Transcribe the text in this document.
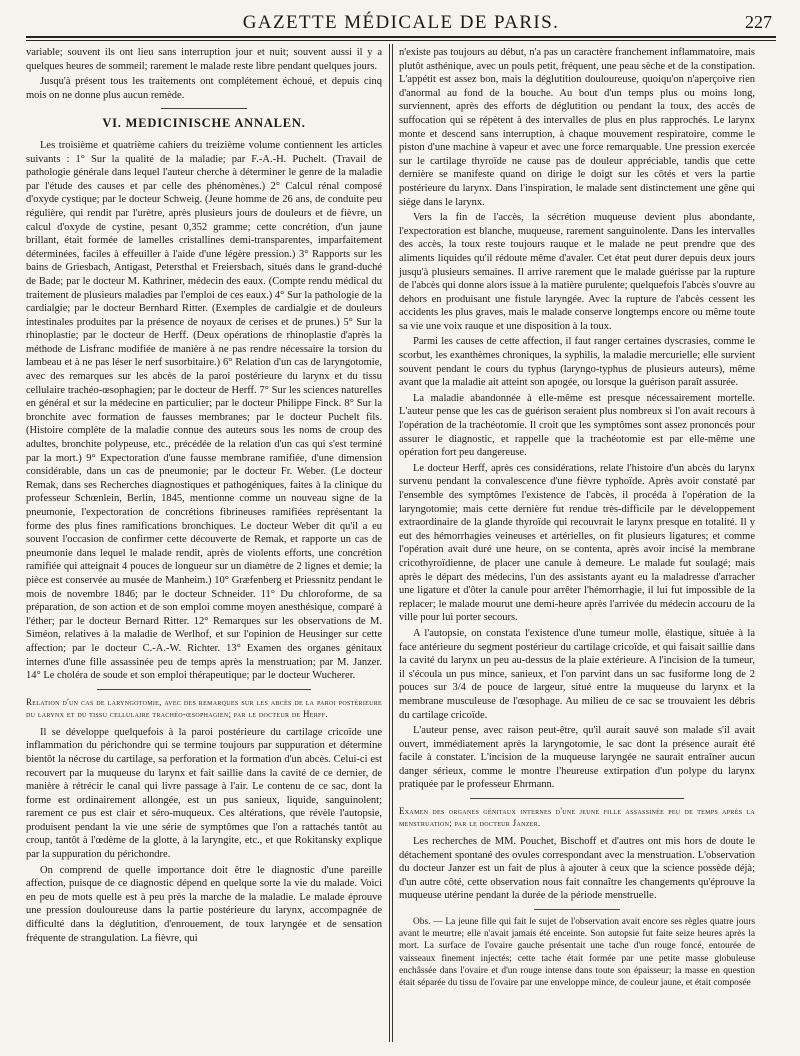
GAZETTE MÉDICALE DE PARIS.	227

variable; souvent ils ont lieu sans interruption jour et nuit; souvent aussi il y a quelques heures de sommeil; rarement le malade reste libre pendant quelques jours.

Jusqu'à présent tous les traitements ont complétement échoué, et depuis cinq mois on ne donne plus aucun remède.

VI. MEDICINISCHE ANNALEN.

Les troisième et quatrième cahiers du treizième volume contiennent les articles suivants : 1° Sur la qualité de la maladie; par F.-A.-H. Puchelt. (Travail de pathologie générale dans lequel l'auteur cherche à déterminer le genre de la maladie par l'étude des causes et par celle des phénomènes.) 2° Calcul rénal composé d'oxyde cystique; par le docteur Schweig. (Jeune homme de 26 ans, de conduite peu régulière, qui rendit par l'urètre, après plusieurs jours de douleurs et de fièvre, un calcul d'oxyde de cystine, pesant 0,352 gramme; cette concrétion, d'un jaune brillant, était formée de lamelles cristallines demi-transparentes, imparfaitement déterminées, faciles à effeuiller à l'aide d'une légère pression.) 3° Rapports sur les bains de Griesbach, Antigast, Petersthal et Freiersbach, situés dans le grand-duché de Bade; par le docteur M. Kathriner, médecin des eaux. (Compte rendu médical du traitement de plusieurs maladies par l'emploi de ces eaux.) 4° Sur la pathologie de la cardialgie; par le docteur Bernhard Ritter. (Exemples de cardialgie et de douleurs intestinales produites par la présence de noyaux de cerises et de prunes.) 5° Sur la rhinoplastie; par le docteur de Herff. (Deux opérations de rhinoplastie d'après la méthode de Lisfranc modifiée de manière à ne pas rendre nécessaire la torsion du lambeau et à ne pas léser le nerf susorbitaire.) 6° Relation d'un cas de laryngotomie, avec des remarques sur les abcès de la paroi postérieure du larynx et du tissu cellulaire trachéo-œsophagien; par le docteur de Herff. 7° Sur les sciences naturelles en général et sur la médecine en particulier; par le docteur Philippe Finck. 8° Sur la bronchite avec formation de fausses membranes; par le docteur Puchelt fils. (Histoire complète de la maladie connue des auteurs sous les noms de croup des adultes, bronchite polypeuse, etc., précédée de la relation d'un cas qui s'est terminé par la mort.) 9° Expectoration d'une fausse membrane ramifiée, d'une dimension considérable, dans un cas de pneumonie; par le docteur Fr. Weber. (Le docteur Remak, dans ses Recherches diagnostiques et pathogéniques, faites à la clinique du professeur Schœnlein, Berlin, 1845, mentionne comme un nouveau signe de la pneumonie, l'expectoration de concrétions fibrineuses ramifiées représentant la forme des plus fines ramifications bronchiques. Le docteur Weber dit qu'il a eu souvent l'occasion de confirmer cette découverte de Remak, et rapporte un cas de pneumonie dans lequel le malade rendit, après de violents efforts, une concrétion ramifiée qui atteignait 4 pouces de longueur sur un diamètre de 2 lignes et demie; la pièce est conservée au musée de Manheim.) 10° Græfenberg et Priessnitz pendant le mois de novembre 1846; par le docteur Schneider. 11° Du chloroforme, de sa préparation, de son action et de son emploi comme moyen anesthésique, comparé à l'éther; par le docteur Bernard Ritter. 12° Remarques sur les observations de M. Siméon, relatives à la maladie de Werlhof, et sur l'opinion de Heusinger sur cette affection; par le docteur C.-A.-W. Richter. 13° Examen des organes génitaux internes d'une fille assassinée peu de temps après la menstruation; par M. Janzer. 14° Le choléra de soude et son emploi thérapeutique; par le docteur Wucherer.

Relation d'un cas de laryngotomie, avec des remarques sur les abcès de la paroi postérieure du larynx et du tissu cellulaire trachéo-œsophagien; par le docteur de Herff.

Il se développe quelquefois à la paroi postérieure du cartilage cricoïde une inflammation du périchondre qui se termine toujours par suppuration et détermine bientôt la nécrose du cartilage, sa perforation et la formation d'un abcès. Celui-ci est recouvert par la muqueuse du larynx et fait saillie dans la cavité de ce dernier, de manière à rétrécir le canal qui livre passage à l'air. Le contenu de ce sac, dont la forme est ordinairement allongée, est un pus sanieux, liquide, sanguinolent; rarement ce pus est clair et séro-muqueux. Ces altérations, que révèle l'autopsie, produisent pendant la vie une série de symptômes que l'on a rattachés tantôt au croup, tantôt à l'œdème de la glotte, à la laryngite, etc., et que Rokitansky explique par la suppuration du périchondre.

On comprend de quelle importance doit être le diagnostic d'une pareille affection, puisque de ce diagnostic dépend en quelque sorte la vie du malade. Voici en peu de mots quelle est à peu près la marche de la maladie. Le malade éprouve une pression douloureuse dans la partie postérieure du larynx, accompagnée de difficulté dans la déglutition, d'enrouement, de toux laryngée et de sensation fréquente de strangulation. La fièvre, qui

n'existe pas toujours au début, n'a pas un caractère franchement inflammatoire, mais plutôt asthénique, avec un pouls petit, fréquent, une peau sèche et de la constipation. L'appétit est assez bon, mais la déglutition douloureuse, quoiqu'on n'aperçoive rien d'anormal au fond de la bouche. Au bout d'un temps plus ou moins long, surviennent, après des efforts de déglutition ou pendant la toux, des accès de suffocation qui se répètent à des intervalles de plus en plus rapprochés. Le larynx monte et descend sans interruption, à chaque mouvement respiratoire, comme le piston d'une machine à vapeur et avec une force remarquable. Une pression exercée sur le cartilage thyroïde ne cause pas de douleur appréciable, tandis que cette dernière se manifeste quand on dirige le doigt sur les côtés et vers la partie postérieure du larynx. Dans l'inspiration, le malade sent distinctement une gêne qui siége dans le larynx.

Vers la fin de l'accès, la sécrétion muqueuse devient plus abondante, l'expectoration est blanche, muqueuse, rarement sanguinolente. Dans les intervalles des accès, la toux reste toujours rauque et le malade ne peut prendre que des aliments liquides qu'il rédoute même d'avaler. Cet état peut durer depuis deux jours jusqu'à plusieurs semaines. Il arrive rarement que le malade guérisse par la rupture de l'abcès qui donne alors issue à la matière purulente; quelquefois l'abcès s'ouvre au dehors en produisant une fistule laryngée. Avec la rupture de l'abcès cessent les accidents les plus graves, mais le malade conserve longtemps encore ou même toute sa vie une voix rauque et une disposition à la toux.

Parmi les causes de cette affection, il faut ranger certaines dyscrasies, comme le scorbut, les exanthèmes chroniques, la syphilis, la maladie mercurielle; elle survient souvent pendant le cours du typhus (laryngo-typhus de plusieurs auteurs), même avant que la maladie ait atteint son apogée, ou lorsque la guérison paraît assurée.

La maladie abandonnée à elle-même est presque nécessairement mortelle. L'auteur pense que les cas de guérison seraient plus nombreux si l'on avait recours à l'opération de la trachéotomie. Il croit que les symptômes sont assez prononcés pour assurer le diagnostic, et rappelle que la trachéotomie est par elle-même une opération fort peu dangereuse.

Le docteur Herff, après ces considérations, relate l'histoire d'un abcès du larynx survenu pendant la convalescence d'une fièvre typhoïde. Après avoir constaté par l'ensemble des symptômes l'existence de l'abcès, il procéda à l'opération de la laryngotomie; mais cette dernière fut rendue très-difficile par le développement extraordinaire de la glande thyroïde qui recouvrait le larynx presque en totalité. Il y eut des hémorrhagies veineuses et artérielles, on fit plusieurs ligatures; et comme l'opération avait duré une heure, on se contenta, après avoir incisé la membrane cricothyroïdienne, de placer une canule à demeure. Le malade fut soulagé; mais après le départ des médecins, l'un des assistants ayant eu la maladresse d'arracher une ligature et d'ôter la canule pour arrêter l'hémorrhagie, il lui fut impossible de la replacer; le malade mourut une demi-heure après l'arrivée du médecin accouru de la ville pour lui porter secours.

A l'autopsie, on constata l'existence d'une tumeur molle, élastique, située à la face antérieure du segment postérieur du cartilage cricoïde, et qui faisait saillie dans la cavité du larynx un peu au-dessus de la plaie extérieure. A l'incision de la tumeur, il s'écoula un pus mince, sanieux, et l'on parvint dans un sac fusiforme long de 2 pouces sur 3/4 de pouce de largeur, situé entre la muqueuse du larynx et la membrane musculeuse de l'œsophage. Au milieu de ce sac se trouvaient les débris du cartilage cricoïde.

L'auteur pense, avec raison peut-être, qu'il aurait sauvé son malade s'il avait ouvert, immédiatement après la laryngotomie, le sac dont la présence aurait été facile à constater. L'incision de la muqueuse laryngée ne saurait entraîner aucun danger sérieux, comme le montre l'heureuse extirpation d'un polype du larynx pratiquée par le professeur Ehrmann.

Examen des organes génitaux internes d'une jeune fille assassinée peu de temps après la menstruation; par le docteur Janzer.

Les recherches de MM. Pouchet, Bischoff et d'autres ont mis hors de doute le détachement spontané des ovules correspondant avec la menstruation. L'observation du docteur Janzer est un fait de plus à ajouter à ceux que la science possède déjà; d'un autre côté, cette observation nous fait connaître les changements qu'éprouve la muqueuse utérine pendant la durée de la période menstruelle.

Obs. — La jeune fille qui fait le sujet de l'observation avait encore ses règles quatre jours avant le meurtre; elle n'avait jamais été enceinte. Son autopsie fut faite seize heures après la mort. La surface de l'ovaire gauche présentait une tache d'un rouge foncé, entourée de vaisseaux finement injectés; cette tache était formée par une petite masse globuleuse enchâssée dans l'ovaire et d'un rouge intense dans toute son épaisseur; la masse en question était séparée du tissu de l'ovaire par une enveloppe mince, de couleur jaune, et était composée
